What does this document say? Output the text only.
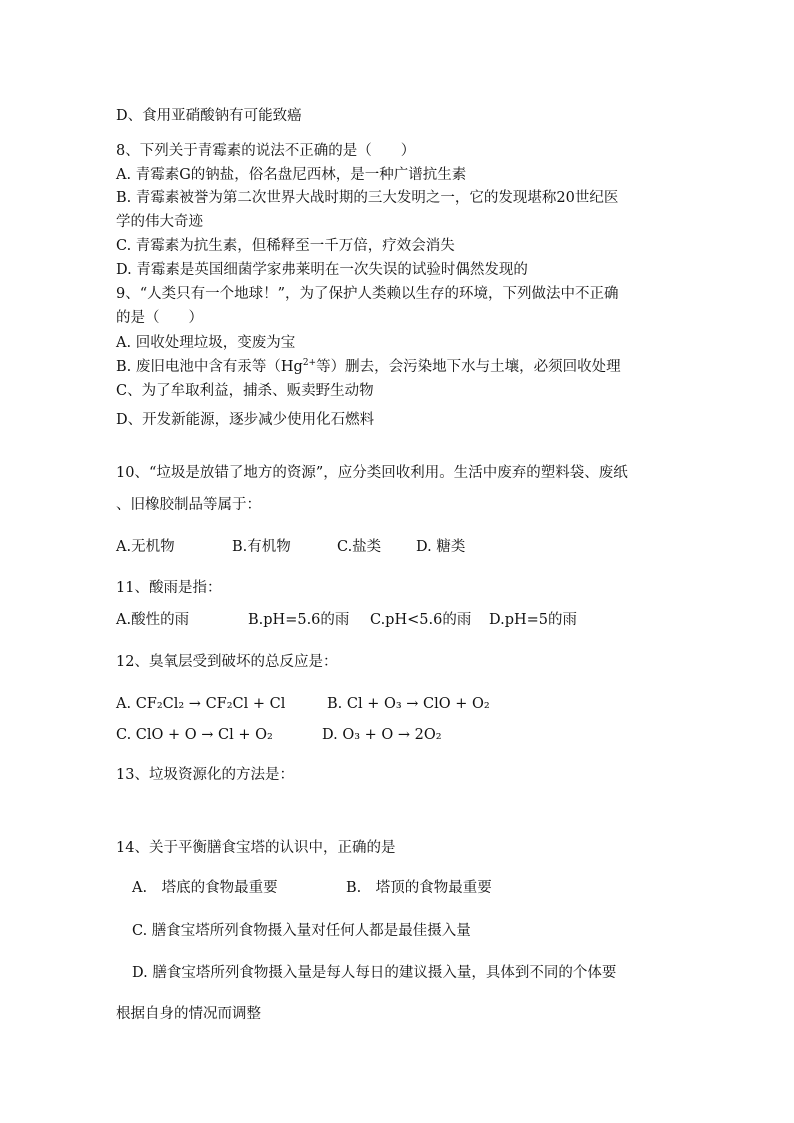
D、食用亚硝酸钠有可能致癌
8、下列关于青霉素的说法不正确的是（　　）
A. 青霉素G的钠盐，俗名盘尼西林，是一种广谱抗生素
B. 青霉素被誉为第二次世界大战时期的三大发明之一，它的发现堪称20世纪医
学的伟大奇迹
C. 青霉素为抗生素，但稀释至一千万倍，疗效会消失
D. 青霉素是英国细菌学家弗莱明在一次失误的试验时偶然发现的
9、“人类只有一个地球！”，为了保护人类赖以生存的环境，下列做法中不正确
的是（　　）
A. 回收处理垃圾，变废为宝
B. 废旧电池中含有汞等（$Hg^{2+}$等）删去，会污染地下水与土壤，必须回收处理
C、为了牟取利益，捕杀、贩卖野生动物
D、开发新能源，逐步减少使用化石燃料
10、“垃圾是放错了地方的资源”，应分类回收利用。生活中废弃的塑料袋、废纸
、旧橡胶制品等属于：
A.无机物	B.有机物	C.盐类 D. 糖类
11、酸雨是指：
A.酸性的雨	B.pH=5.6的雨 C.pH<5.6的雨 D.pH=5的雨
12、臭氧层受到破坏的总反应是：
A. CF₂Cl₂ → CF₂Cl + Cl	B. Cl + O₃ → ClO + O₂
C. ClO + O → Cl + O₂	D. O₃ + O → 2O₂
13、垃圾资源化的方法是：
14、关于平衡膳食宝塔的认识中，正确的是
A.　塔底的食物最重要	B.　塔顶的食物最重要
C. 膳食宝塔所列食物摄入量对任何人都是最佳摄入量
D. 膳食宝塔所列食物摄入量是每人每日的建议摄入量，具体到不同的个体要
根据自身的情况而调整
